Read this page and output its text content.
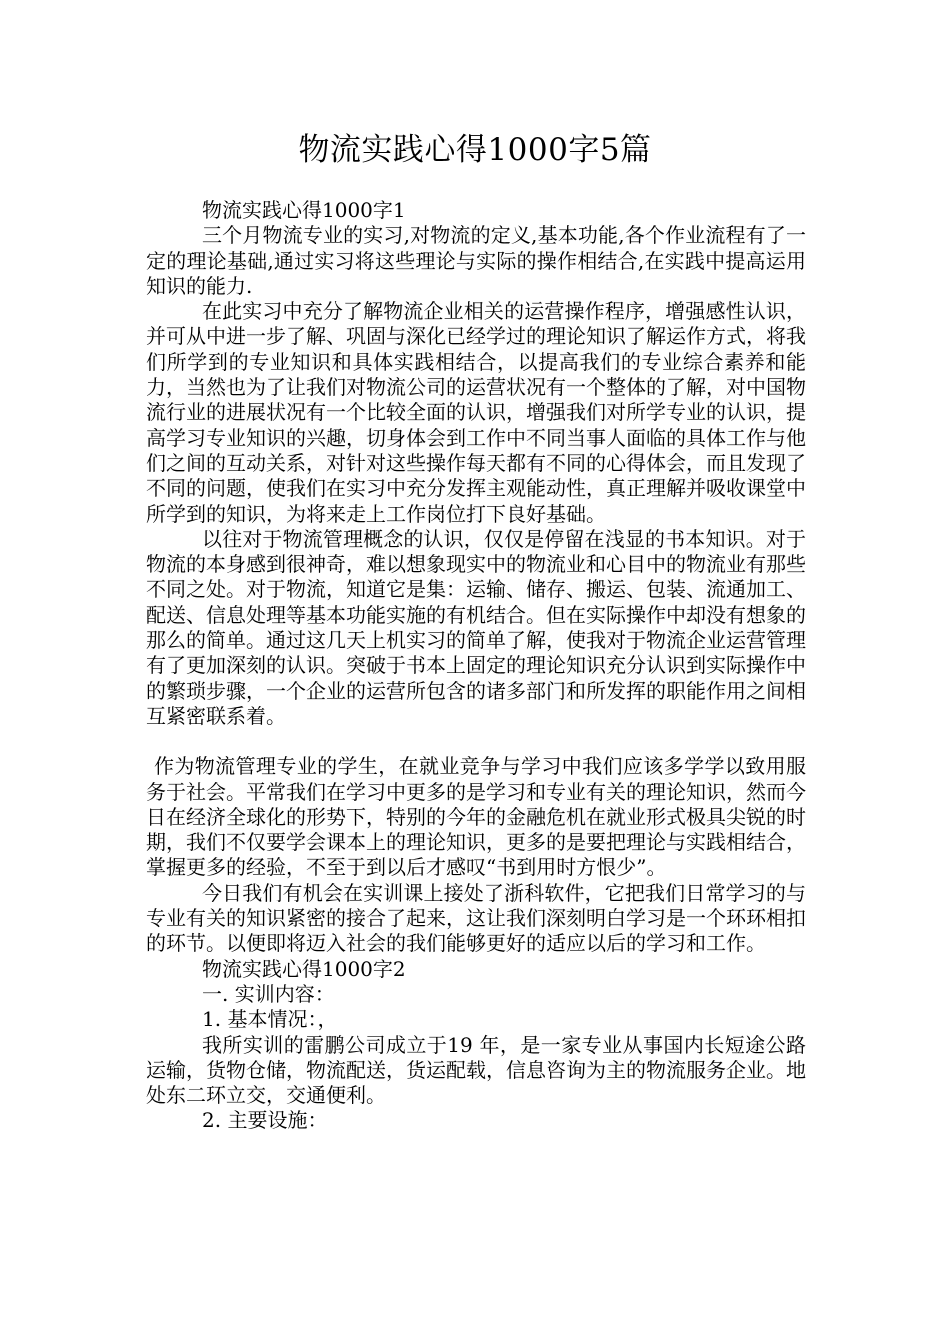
物流实践心得1000字5篇

物流实践心得1000字1

三个月物流专业的实习,对物流的定义,基本功能,各个作业流程有了一定的理论基础,通过实习将这些理论与实际的操作相结合,在实践中提高运用知识的能力.

在此实习中充分了解物流企业相关的运营操作程序，增强感性认识，并可从中进一步了解、巩固与深化已经学过的理论知识了解运作方式，将我们所学到的专业知识和具体实践相结合，以提高我们的专业综合素养和能力，当然也为了让我们对物流公司的运营状况有一个整体的了解，对中国物流行业的进展状况有一个比较全面的认识，增强我们对所学专业的认识，提高学习专业知识的兴趣，切身体会到工作中不同当事人面临的具体工作与他们之间的互动关系，对针对这些操作每天都有不同的心得体会，而且发现了不同的问题，使我们在实习中充分发挥主观能动性，真正理解并吸收课堂中所学到的知识，为将来走上工作岗位打下良好基础。

以往对于物流管理概念的认识，仅仅是停留在浅显的书本知识。对于物流的本身感到很神奇，难以想象现实中的物流业和心目中的物流业有那些不同之处。对于物流，知道它是集：运输、储存、搬运、包装、流通加工、配送、信息处理等基本功能实施的有机结合。但在实际操作中却没有想象的那么的简单。通过这几天上机实习的简单了解，使我对于物流企业运营管理有了更加深刻的认识。突破于书本上固定的理论知识充分认识到实际操作中的繁琐步骤，一个企业的运营所包含的诸多部门和所发挥的职能作用之间相互紧密联系着。

作为物流管理专业的学生，在就业竞争与学习中我们应该多学学以致用服务于社会。平常我们在学习中更多的是学习和专业有关的理论知识，然而今日在经济全球化的形势下，特别的今年的金融危机在就业形式极具尖锐的时期，我们不仅要学会课本上的理论知识，更多的是要把理论与实践相结合，掌握更多的经验，不至于到以后才感叹“书到用时方恨少”。

今日我们有机会在实训课上接处了浙科软件，它把我们日常学习的与专业有关的知识紧密的接合了起来，这让我们深刻明白学习是一个环环相扣的环节。以便即将迈入社会的我们能够更好的适应以后的学习和工作。

物流实践心得1000字2

一. 实训内容：

1. 基本情况：，

我所实训的雷鹏公司成立于19 年，是一家专业从事国内长短途公路运输，货物仓储，物流配送，货运配载，信息咨询为主的物流服务企业。地处东二环立交，交通便利。

2. 主要设施：
